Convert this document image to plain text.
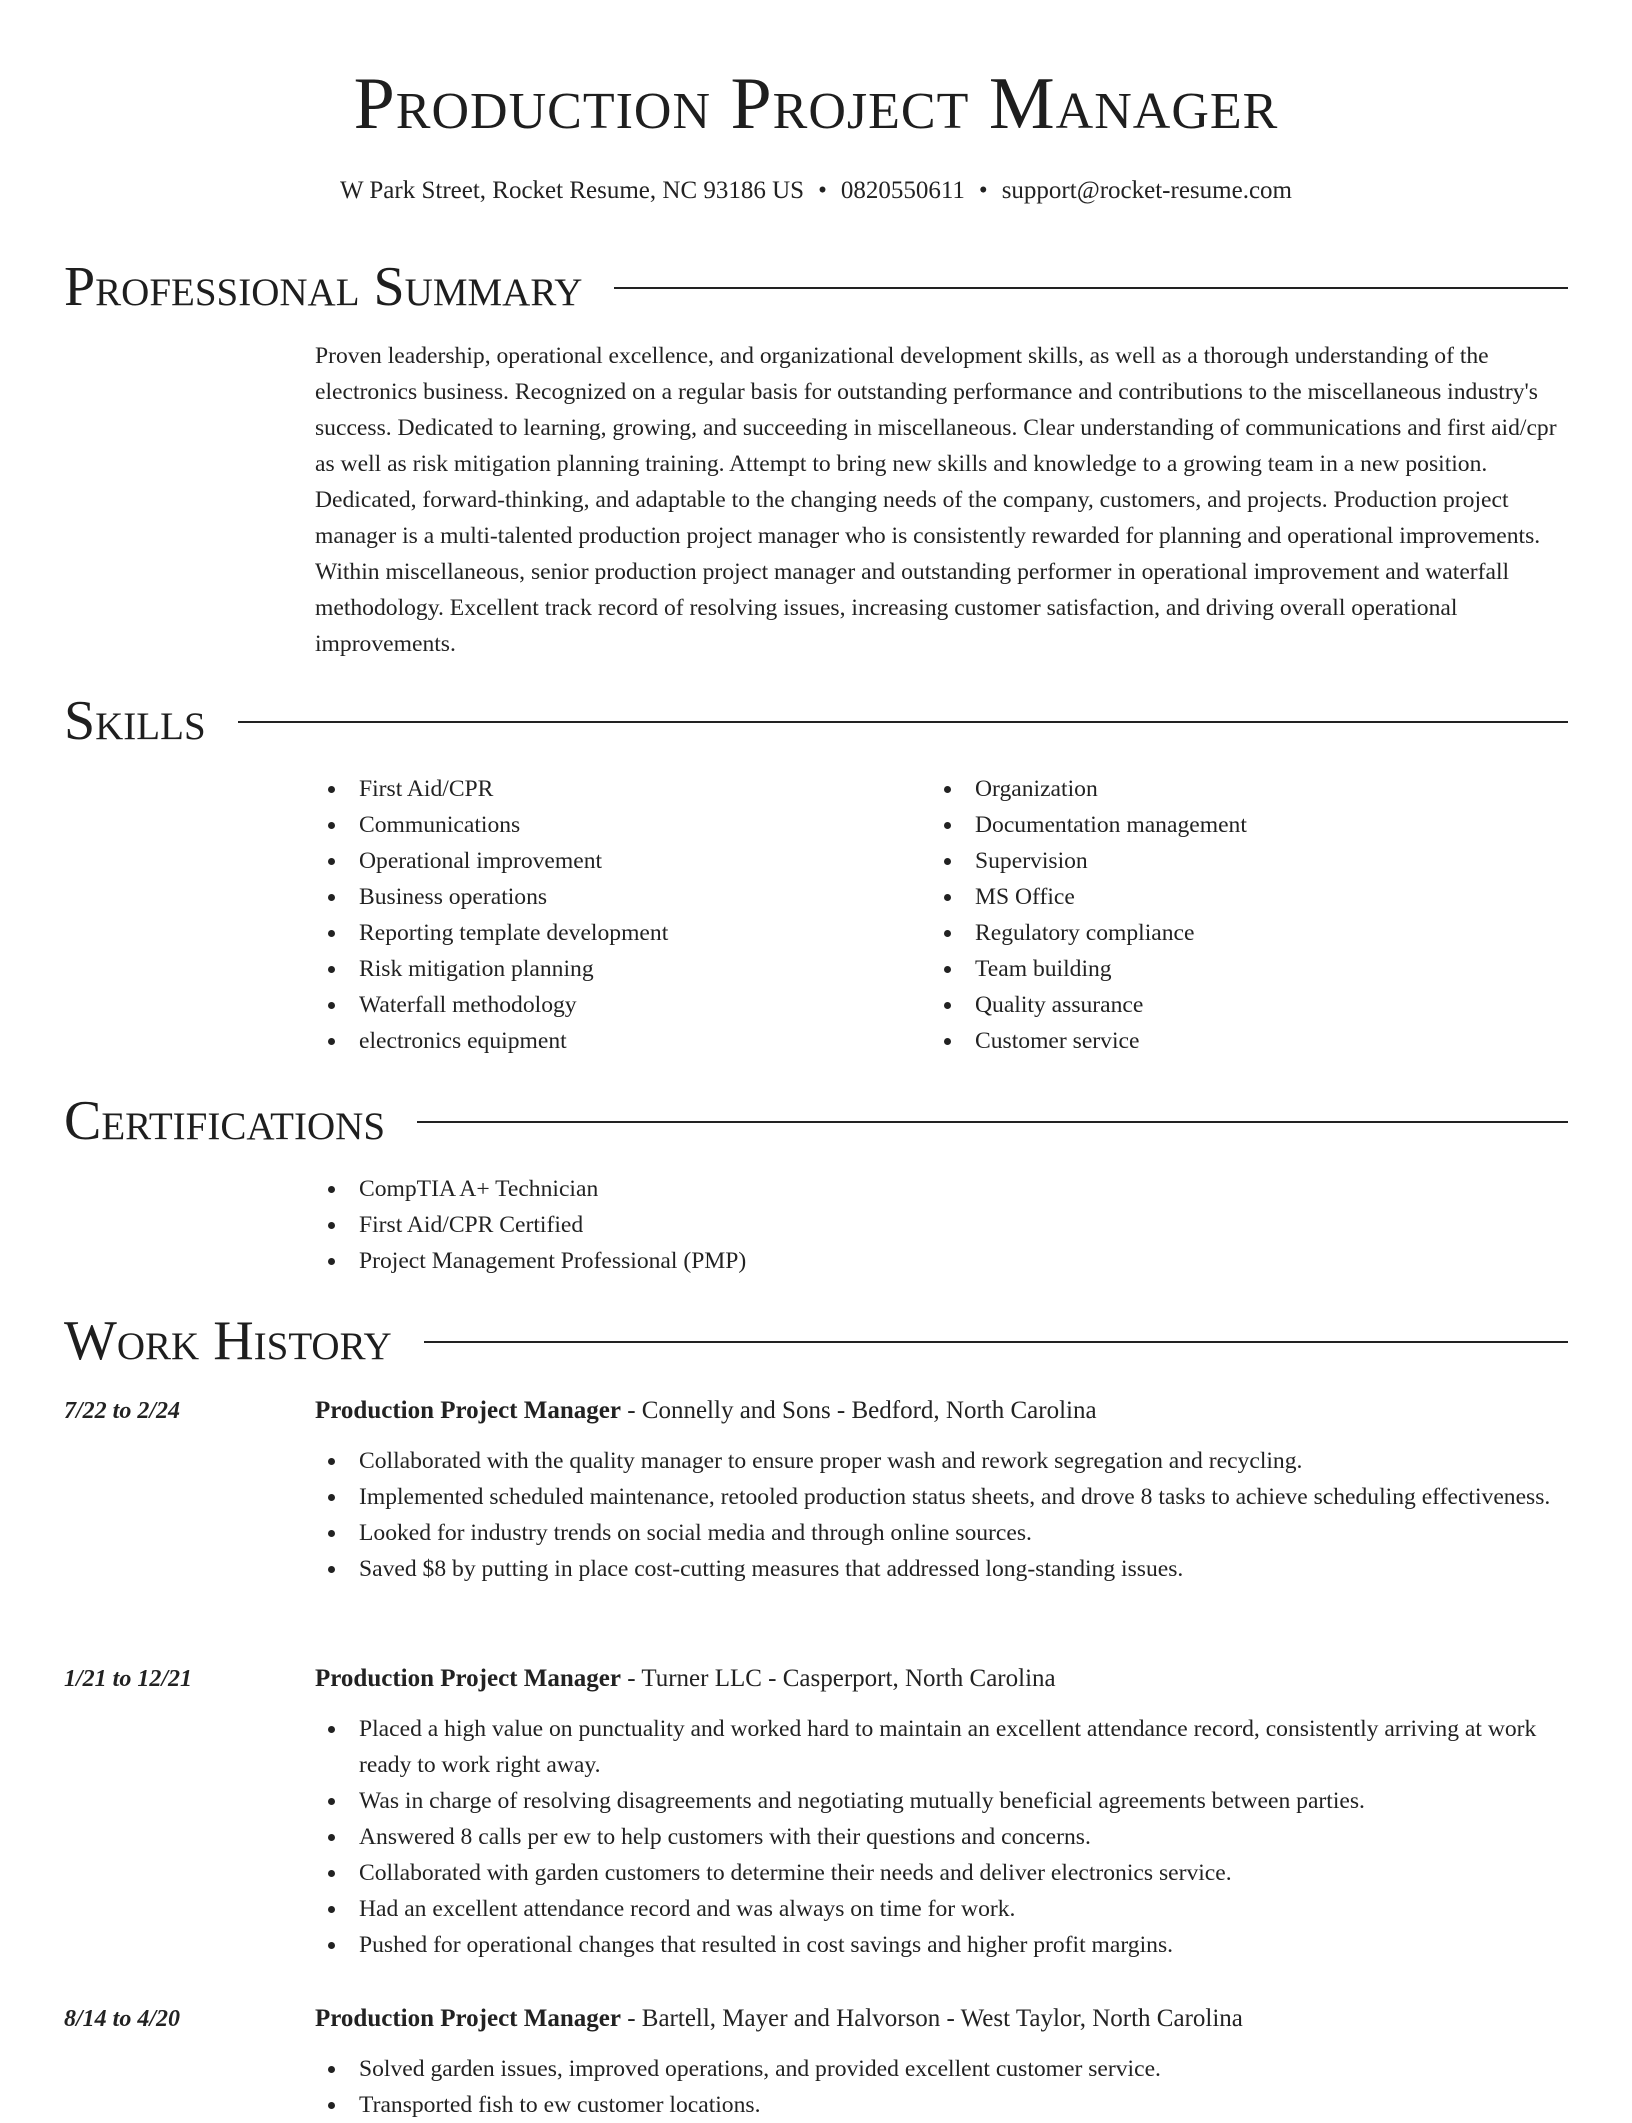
Production Project Manager
W Park Street, Rocket Resume, NC 93186 US • 0820550611 • support@rocket-resume.com
Professional Summary

Proven leadership, operational excellence, and organizational development skills, as well as a thorough understanding of the electronics business. Recognized on a regular basis for outstanding performance and contributions to the miscellaneous industry's success. Dedicated to learning, growing, and succeeding in miscellaneous. Clear understanding of communications and first aid/cpr as well as risk mitigation planning training. Attempt to bring new skills and knowledge to a growing team in a new position. Dedicated, forward-thinking, and adaptable to the changing needs of the company, customers, and projects. Production project manager is a multi-talented production project manager who is consistently rewarded for planning and operational improvements. Within miscellaneous, senior production project manager and outstanding performer in operational improvement and waterfall methodology. Excellent track record of resolving issues, increasing customer satisfaction, and driving overall operational improvements.

Skills
First Aid/CPR
Communications
Operational improvement
Business operations
Reporting template development
Risk mitigation planning
Waterfall methodology
electronics equipment
Organization
Documentation management
Supervision
MS Office
Regulatory compliance
Team building
Quality assurance
Customer service
Certifications
CompTIA A+ Technician
First Aid/CPR Certified
Project Management Professional (PMP)
Work History
7/22 to 2/24	Production Project Manager - Connelly and Sons - Bedford, North Carolina
Collaborated with the quality manager to ensure proper wash and rework segregation and recycling.
Implemented scheduled maintenance, retooled production status sheets, and drove 8 tasks to achieve scheduling effectiveness.
Looked for industry trends on social media and through online sources.
Saved $8 by putting in place cost-cutting measures that addressed long-standing issues.
1/21 to 12/21	Production Project Manager - Turner LLC - Casperport, North Carolina
Placed a high value on punctuality and worked hard to maintain an excellent attendance record, consistently arriving at work ready to work right away.
Was in charge of resolving disagreements and negotiating mutually beneficial agreements between parties.
Answered 8 calls per ew to help customers with their questions and concerns.
Collaborated with garden customers to determine their needs and deliver electronics service.
Had an excellent attendance record and was always on time for work.
Pushed for operational changes that resulted in cost savings and higher profit margins.
8/14 to 4/20	Production Project Manager - Bartell, Mayer and Halvorson - West Taylor, North Carolina
Solved garden issues, improved operations, and provided excellent customer service.
Transported fish to ew customer locations.
